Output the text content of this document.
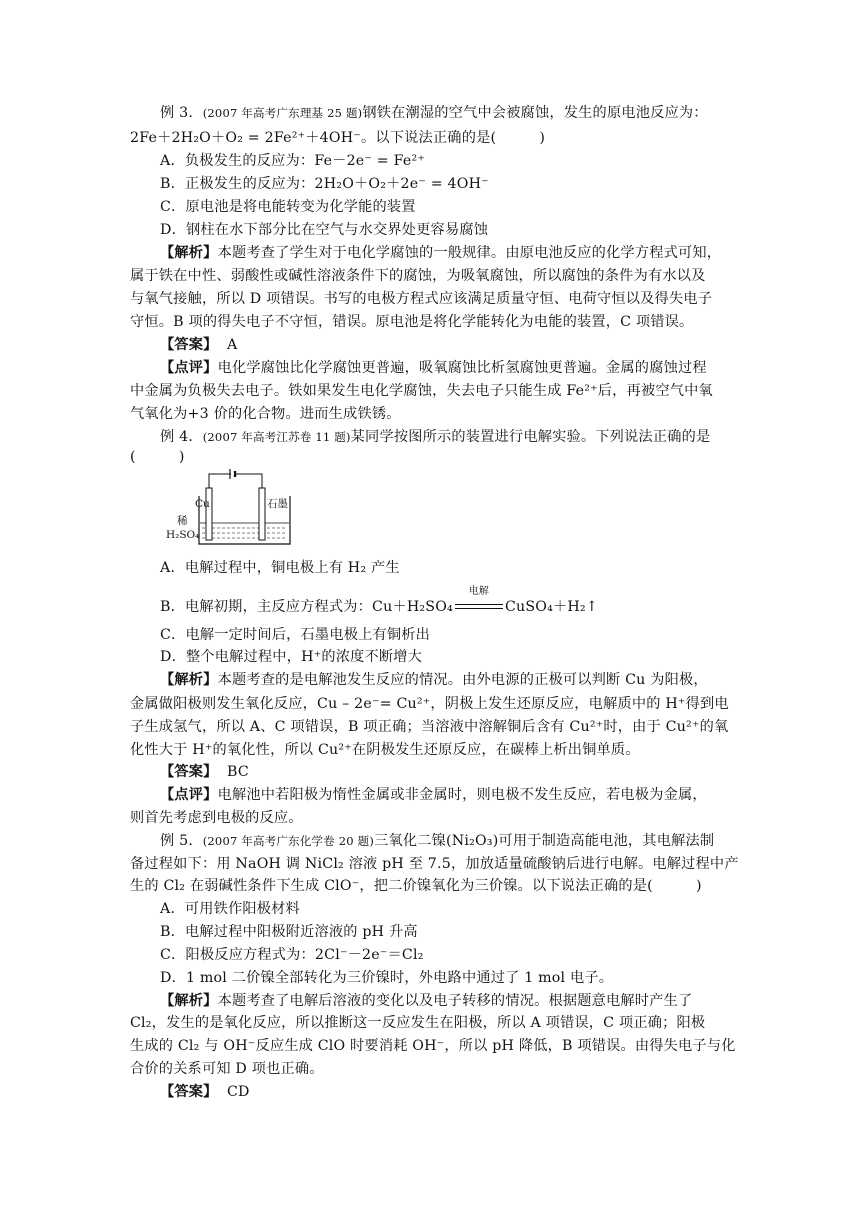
例 3．(2007 年高考广东理基 25 题)钢铁在潮湿的空气中会被腐蚀，发生的原电池反应为：
2Fe＋2H₂O＋O₂ = 2Fe²⁺＋4OH⁻。以下说法正确的是(　　　)
A．负极发生的反应为：Fe－2e⁻ = Fe²⁺
B．正极发生的反应为：2H₂O＋O₂＋2e⁻ = 4OH⁻
C．原电池是将电能转变为化学能的装置
D．钢柱在水下部分比在空气与水交界处更容易腐蚀
【解析】本题考查了学生对于电化学腐蚀的一般规律。由原电池反应的化学方程式可知，
属于铁在中性、弱酸性或碱性溶液条件下的腐蚀，为吸氧腐蚀，所以腐蚀的条件为有水以及
与氧气接触，所以 D 项错误。书写的电极方程式应该满足质量守恒、电荷守恒以及得失电子
守恒。B 项的得失电子不守恒，错误。原电池是将化学能转化为电能的装置，C 项错误。
【答案】 A
【点评】电化学腐蚀比化学腐蚀更普遍，吸氧腐蚀比析氢腐蚀更普遍。金属的腐蚀过程
中金属为负极失去电子。铁如果发生电化学腐蚀，失去电子只能生成 Fe²⁺后，再被空气中氧
气氧化为+3 价的化合物。进而生成铁锈。
例 4．(2007 年高考江苏卷 11 题)某同学按图所示的装置进行电解实验。下列说法正确的是
(　　　)
Cu	石墨
稀
H₂SO₄
A．电解过程中，铜电极上有 H₂ 产生
B．电解初期，主反应方程式为：Cu＋H₂SO₄
电解
CuSO₄＋H₂↑
C．电解一定时间后，石墨电极上有铜析出
D．整个电解过程中，H⁺的浓度不断增大
【解析】本题考查的是电解池发生反应的情况。由外电源的正极可以判断 Cu 为阳极，
金属做阳极则发生氧化反应，Cu – 2e⁻= Cu²⁺，阴极上发生还原反应，电解质中的 H⁺得到电
子生成氢气，所以 A、C 项错误，B 项正确；当溶液中溶解铜后含有 Cu²⁺时，由于 Cu²⁺的氧
化性大于 H⁺的氧化性，所以 Cu²⁺在阴极发生还原反应，在碳棒上析出铜单质。
【答案】 BC
【点评】电解池中若阳极为惰性金属或非金属时，则电极不发生反应，若电极为金属，
则首先考虑到电极的反应。
例 5．(2007 年高考广东化学卷 20 题)三氧化二镍(Ni₂O₃)可用于制造高能电池，其电解法制
备过程如下：用 NaOH 调 NiCl₂ 溶液 pH 至 7.5，加放适量硫酸钠后进行电解。电解过程中产
生的 Cl₂ 在弱碱性条件下生成 ClO⁻，把二价镍氧化为三价镍。以下说法正确的是(　　　)
A．可用铁作阳极材料
B．电解过程中阳极附近溶液的 pH 升高
C．阳极反应方程式为：2Cl⁻－2e⁻＝Cl₂
D．1 mol 二价镍全部转化为三价镍时，外电路中通过了 1 mol 电子。
【解析】本题考查了电解后溶液的变化以及电子转移的情况。根据题意电解时产生了
Cl₂，发生的是氧化反应，所以推断这一反应发生在阳极，所以 A 项错误，C 项正确；阳极
生成的 Cl₂ 与 OH⁻反应生成 ClO 时要消耗 OH⁻，所以 pH 降低，B 项错误。由得失电子与化
合价的关系可知 D 项也正确。
【答案】 CD
